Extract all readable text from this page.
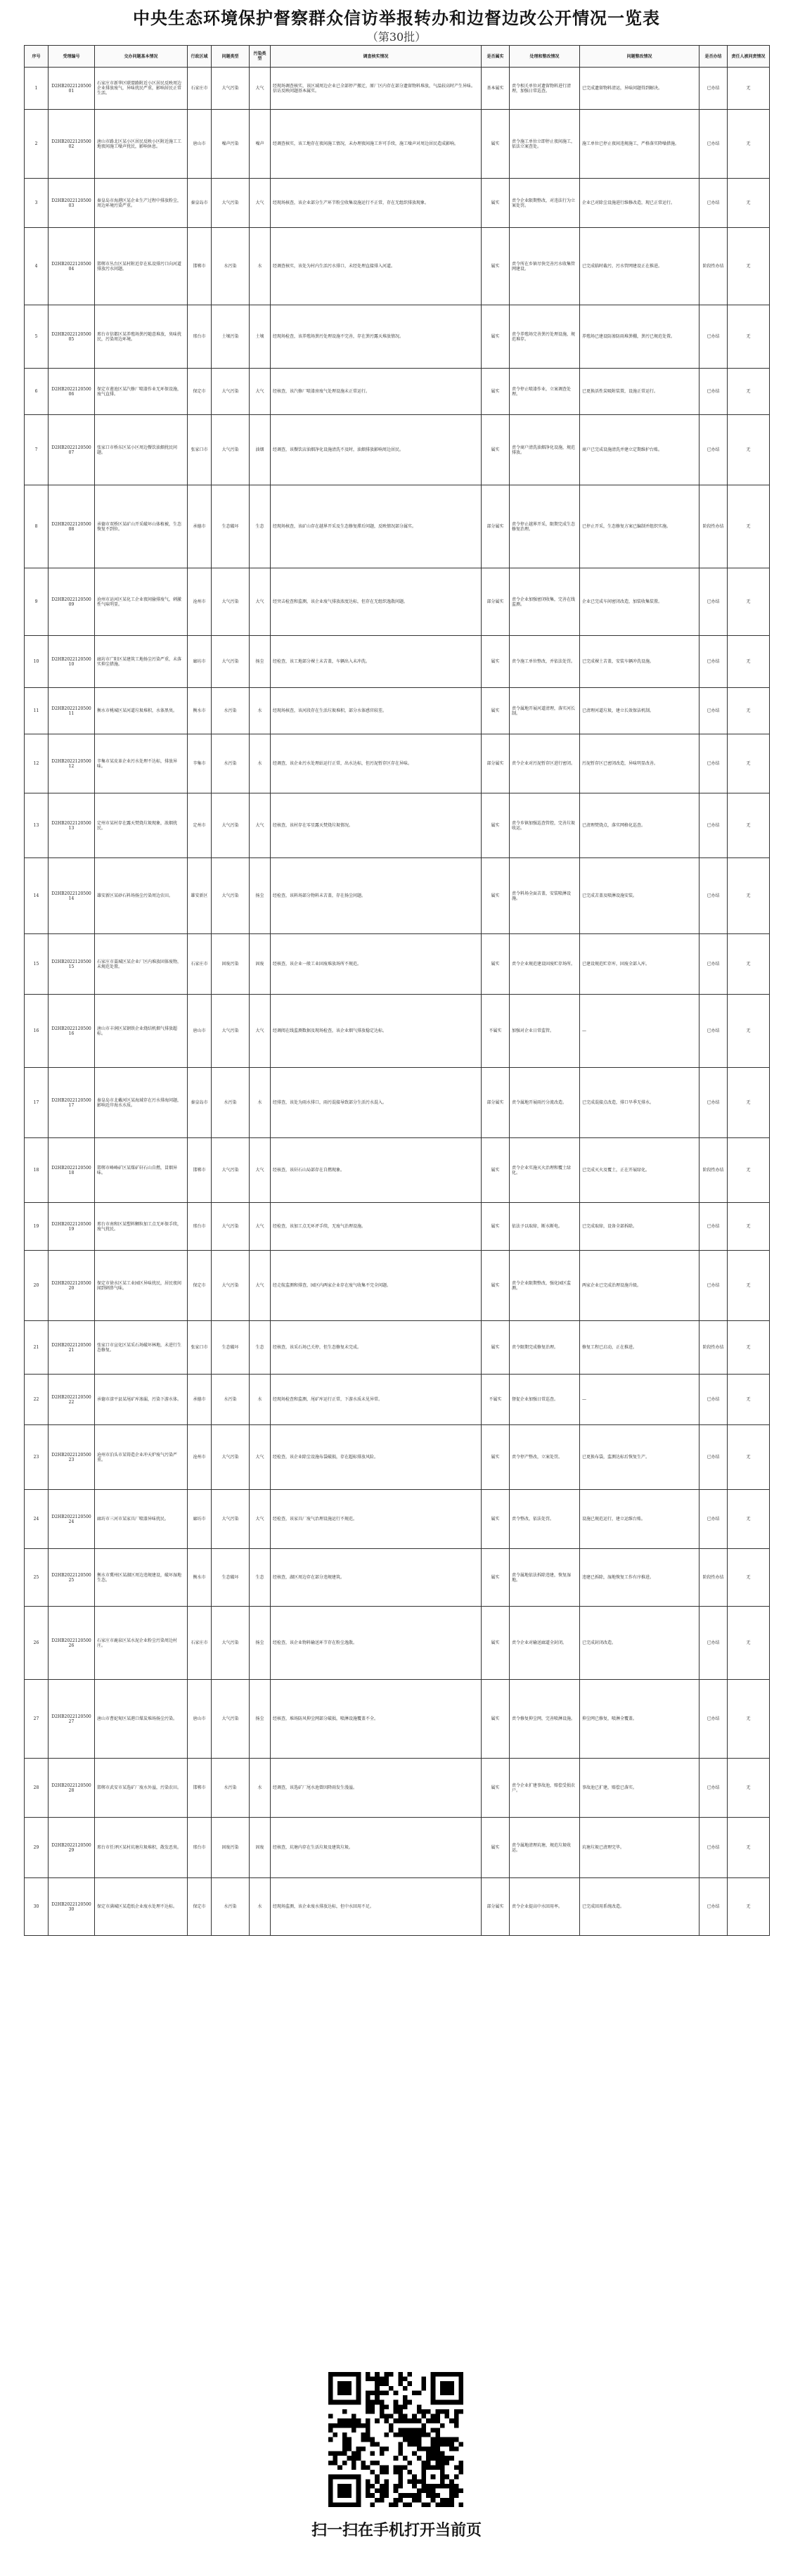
中央生态环境保护督察群众信访举报转办和边督边改公开情况一览表
（第30批）
序号	受理编号	交办问题基本情况	行政区域	问题类型	污染类型	调查核实情况	是否属实	处理和整改情况	问题整改情况	是否办结	责任人被问责情况
1	D2HB202212050001	石家庄市新华区联盟路附近小区居民反映周边企业排放废气，异味扰民严重，影响居民正常生活。	石家庄市	大气污染	大气	经现场调查核实，该区域周边企业已全部停产搬迁，原厂区内存在部分遗留物料堆放，气温较高时产生异味。信访反映问题基本属实。	基本属实	责令相关单位对遗留物料进行清理，加强日常巡查。	已完成遗留物料清运，异味问题得到解决。	已办结	无
2	D2HB202212050002	唐山市路北区某小区居民反映小区附近施工工地夜间施工噪声扰民，影响休息。	唐山市	噪声污染	噪声	经调查核实，该工地存在夜间施工情况，未办理夜间施工许可手续，施工噪声对周边居民造成影响。	属实	责令施工单位立即停止夜间施工，依法立案查处。	施工单位已停止夜间违规施工，严格落实降噪措施。	已办结	无
3	D2HB202212050003	秦皇岛市海港区某企业生产过程中排放粉尘，周边环境污染严重。	秦皇岛市	大气污染	大气	经现场核查，该企业部分生产环节粉尘收集设施运行不正常，存在无组织排放现象。	属实	责令企业限期整改，对违法行为立案处罚。	企业已对除尘设施进行维修改造，现已正常运行。	已办结	无
4	D2HB202212050004	邯郸市丛台区某村附近存在私设排污口向河道排放污水问题。	邯郸市	水污染	水	经调查核实，该处为村内生活污水排口，未经处理直接排入河道。	属实	责令所在乡镇尽快完善污水收集管网建设。	已完成临时截污，污水管网建设正在推进。	阶段性办结	无
5	D2HB202212050005	邢台市信都区某养殖场粪污随意堆放，臭味扰民，污染周边环境。	邢台市	土壤污染	土壤	经现场检查，该养殖场粪污处理设施不完善，存在粪污露天堆放情况。	属实	责令养殖场完善粪污处理设施，规范堆存。	养殖场已建设防渗防雨堆粪棚，粪污已规范处置。	已办结	无
6	D2HB202212050006	保定市莲池区某汽修厂喷漆作业无环保设施，废气直排。	保定市	大气污染	大气	经核查，该汽修厂喷漆房废气处理设施未正常运行。	属实	责令停止喷漆作业，立案调查处理。	已更换活性炭吸附装置，设施正常运行。	已办结	无
7	D2HB202212050007	张家口市桥东区某小区周边餐饮油烟扰民问题。	张家口市	大气污染	油烟	经调查，该餐饮店油烟净化设施清洗不及时，油烟排放影响周边居民。	属实	责令商户清洗油烟净化设施，规范排放。	商户已完成设施清洗并建立定期维护台账。	已办结	无
8	D2HB202212050008	承德市双桥区某矿山开采破坏山体植被，生态恢复不到位。	承德市	生态破坏	生态	经现场核查，该矿山存在越界开采及生态修复滞后问题，反映情况部分属实。	部分属实	责令停止越界开采，限期完成生态修复治理。	已停止开采，生态修复方案已编制并组织实施。	阶段性办结	无
9	D2HB202212050009	沧州市运河区某化工企业夜间偷排废气，刺激性气味明显。	沧州市	大气污染	大气	经突击检查和监测，该企业废气排放浓度达标，但存在无组织逸散问题。	部分属实	责令企业加强密闭收集，完善在线监测。	企业已完成车间密闭改造，加装收集装置。	已办结	无
10	D2HB202212050010	廊坊市广阳区某建筑工地扬尘污染严重，未落实抑尘措施。	廊坊市	大气污染	扬尘	经检查，该工地部分裸土未苫盖，车辆出入未冲洗。	属实	责令施工单位整改，并依法处罚。	已完成裸土苫盖，安装车辆冲洗设施。	已办结	无
11	D2HB202212050011	衡水市桃城区某河道垃圾堆积，水体黑臭。	衡水市	水污染	水	经现场核查，该河段存在生活垃圾堆积，部分水体感官较差。	属实	责令属地开展河道清理，落实河长制。	已清理河道垃圾，建立长效保洁机制。	已办结	无
12	D2HB202212050012	辛集市某皮革企业污水处理不达标，排放异味。	辛集市	水污染	水	经调查，该企业污水处理站运行正常，出水达标，但污泥暂存区存在异味。	部分属实	责令企业对污泥暂存区进行密闭。	污泥暂存区已密闭改造，异味明显改善。	已办结	无
13	D2HB202212050013	定州市某村存在露天焚烧垃圾现象，浓烟扰民。	定州市	大气污染	大气	经核查，该村存在零星露天焚烧垃圾情况。	属实	责令乡镇加强巡查管控，完善垃圾收运。	已清理焚烧点，落实网格化巡查。	已办结	无
14	D2HB202212050014	雄安新区某砂石料场扬尘污染周边农田。	雄安新区	大气污染	扬尘	经检查，该料场部分物料未苫盖，存在扬尘问题。	属实	责令料场全面苫盖，安装喷淋设施。	已完成苫盖及喷淋设施安装。	已办结	无
15	D2HB202212050015	石家庄市藁城区某企业厂区内堆放固体废物，未规范处置。	石家庄市	固废污染	固废	经核查，该企业一般工业固废堆放场所不规范。	属实	责令企业规范建设固废贮存场所。	已建设规范贮存库，固废全部入库。	已办结	无
16	D2HB202212050016	唐山市丰润区某钢铁企业烧结机烟气排放超标。	唐山市	大气污染	大气	经调阅在线监测数据及现场检查，该企业烟气排放稳定达标。	不属实	加强对企业日常监管。	—	已办结	无
17	D2HB202212050017	秦皇岛市北戴河区某海域存在污水排海问题，影响近岸海水水质。	秦皇岛市	水污染	水	经排查，该处为雨水排口，雨污混接导致部分生活污水混入。	部分属实	责令属地开展雨污分流改造。	已完成混接点改造，排口旱季无排水。	已办结	无
18	D2HB202212050018	邯郸市峰峰矿区某煤矿矸石山自燃，冒烟异味。	邯郸市	大气污染	大气	经核查，该矸石山局部存在自燃现象。	属实	责令企业实施灭火治理和覆土绿化。	已完成灭火及覆土，正在开展绿化。	阶段性办结	无
19	D2HB202212050019	邢台市南和区某塑料颗粒加工点无环保手续，废气扰民。	邢台市	大气污染	大气	经检查，该加工点无环评手续，无废气治理设施。	属实	依法予以取缔，断水断电。	已完成取缔，设备全部拆除。	已办结	无
20	D2HB202212050020	保定市徐水区某工业园区异味扰民，居民夜间闻到刺鼻气味。	保定市	大气污染	大气	经走航监测和排查，园区内两家企业存在废气收集不完全问题。	属实	责令企业限期整改，强化园区监测。	两家企业已完成治理设施升级。	已办结	无
21	D2HB202212050021	张家口市宣化区某采石场破坏林地，未进行生态修复。	张家口市	生态破坏	生态	经核查，该采石场已关停，但生态修复未完成。	属实	责令限期完成修复治理。	修复工程已启动，正在推进。	阶段性办结	无
22	D2HB202212050022	承德市滦平县某尾矿库渗漏，污染下游水体。	承德市	水污染	水	经现场检查和监测，尾矿库运行正常，下游水质未见异常。	不属实	督促企业加强日常巡查。	—	已办结	无
23	D2HB202212050023	沧州市泊头市某铸造企业冲天炉废气污染严重。	沧州市	大气污染	大气	经检查，该企业除尘设施布袋破损，存在超标排放风险。	属实	责令停产整改，立案处罚。	已更换布袋，监测达标后恢复生产。	已办结	无
24	D2HB202212050024	廊坊市三河市某家具厂喷漆异味扰民。	廊坊市	大气污染	大气	经检查，该家具厂废气治理设施运行不规范。	属实	责令整改，依法处罚。	设施已规范运行，建立运维台账。	已办结	无
25	D2HB202212050025	衡水市冀州区某湖区周边违规建设，破坏湿地生态。	衡水市	生态破坏	生态	经核查，湖区周边存在部分违规建筑。	属实	责令属地依法拆除违建，恢复湿地。	违建已拆除，湿地恢复工作有序推进。	阶段性办结	无
26	D2HB202212050026	石家庄市鹿泉区某水泥企业粉尘污染周边村庄。	石家庄市	大气污染	扬尘	经检查，该企业物料输送环节存在粉尘逸散。	属实	责令企业对输送廊道全封闭。	已完成封闭改造。	已办结	无
27	D2HB202212050027	唐山市曹妃甸区某港口煤炭堆场扬尘污染。	唐山市	大气污染	扬尘	经核查，堆场防风抑尘网部分破损，喷淋设施覆盖不全。	属实	责令修复抑尘网，完善喷淋设施。	抑尘网已修复，喷淋全覆盖。	已办结	无
28	D2HB202212050028	邯郸市武安市某选矿厂废水外溢，污染农田。	邯郸市	水污染	水	经调查，该选矿厂尾水池曾因降雨发生漫溢。	属实	责令企业扩建事故池，赔偿受损农户。	事故池已扩建，赔偿已落实。	已办结	无
29	D2HB202212050029	邢台市任泽区某村坑塘垃圾堆积，散发恶臭。	邢台市	固废污染	固废	经核查，坑塘内存在生活垃圾及建筑垃圾。	属实	责令属地清理坑塘，规范垃圾收运。	坑塘垃圾已清理完毕。	已办结	无
30	D2HB202212050030	保定市满城区某造纸企业废水处理不达标。	保定市	水污染	水	经现场监测，该企业废水排放达标，但中水回用不足。	部分属实	责令企业提高中水回用率。	已完成回用系统改造。	已办结	无
扫一扫在手机打开当前页
